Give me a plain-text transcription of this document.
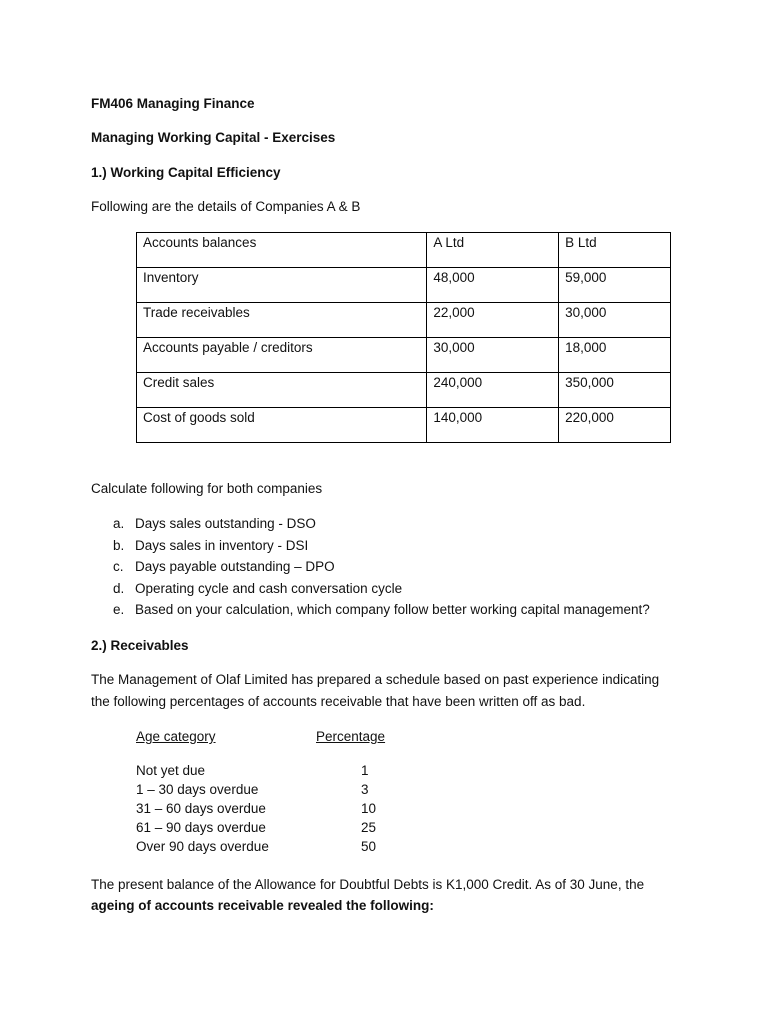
FM406 Managing Finance
Managing Working Capital - Exercises
1.) Working Capital Efficiency
Following are the details of Companies A & B
Accounts balances	A Ltd	B Ltd
Inventory	48,000	59,000
Trade receivables	22,000	30,000
Accounts payable / creditors	30,000	18,000
Credit sales	240,000	350,000
Cost of goods sold	140,000	220,000
Calculate following for both companies
a. Days sales outstanding - DSO
b. Days sales in inventory - DSI
c. Days payable outstanding – DPO
d. Operating cycle and cash conversation cycle
e. Based on your calculation, which company follow better working capital management?
2.) Receivables
The Management of Olaf Limited has prepared a schedule based on past experience indicating
the following percentages of accounts receivable that have been written off as bad.
Age category	Percentage
Not yet due	1
1 – 30 days overdue	3
31 – 60 days overdue	10
61 – 90 days overdue	25
Over 90 days overdue	50
The present balance of the Allowance for Doubtful Debts is K1,000 Credit. As of 30 June, the
ageing of accounts receivable revealed the following:
